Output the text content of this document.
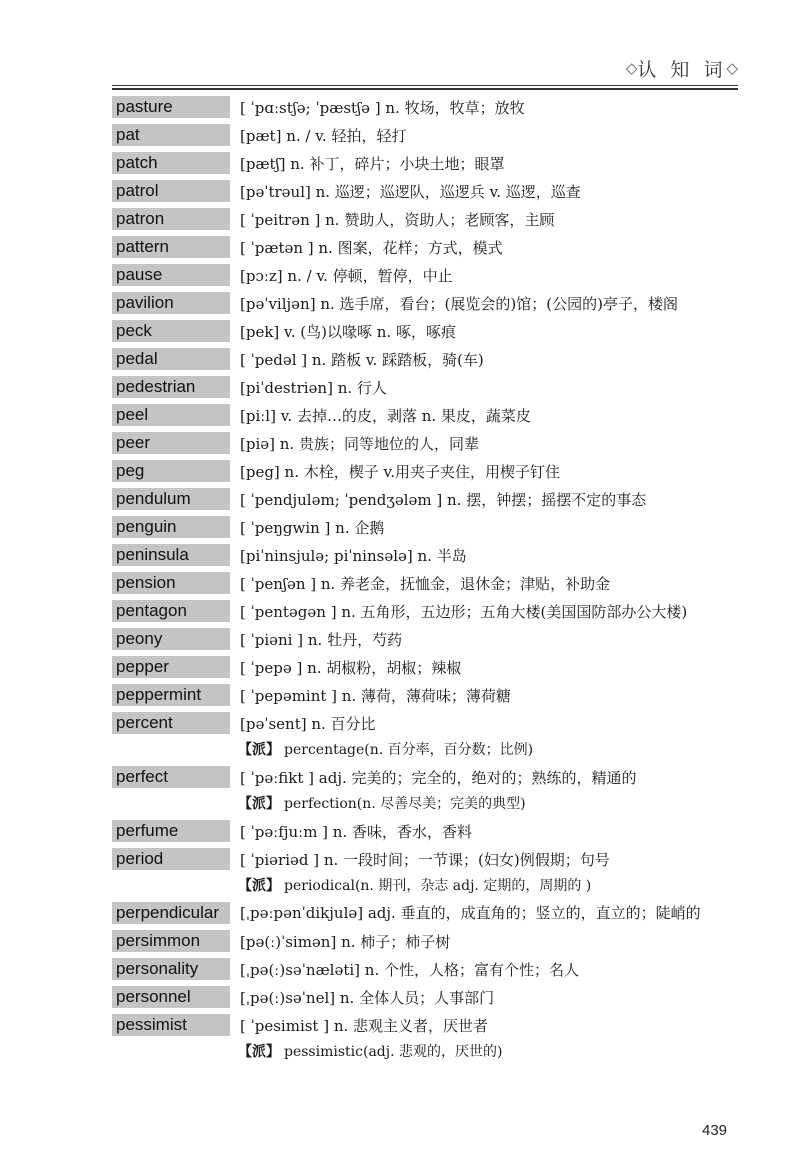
◇ 认 知 词 ◇
pasture	[ ˈpɑːstʃə; ˈpæstʃə ] n. 牧场，牧草；放牧
pat	[pæt] n. / v. 轻拍，轻打
patch	[pætʃ] n. 补丁，碎片；小块土地；眼罩
patrol	[pəˈtrəul] n. 巡逻；巡逻队，巡逻兵 v. 巡逻，巡查
patron	[ ˈpeitrən ] n. 赞助人，资助人；老顾客，主顾
pattern	[ ˈpætən ] n. 图案，花样；方式，模式
pause	[pɔːz] n. / v. 停顿，暂停，中止
pavilion	[pəˈviljən] n. 选手席，看台；(展览会的)馆；(公园的)亭子，楼阁
peck	[pek] v. (鸟)以喙啄 n. 啄，啄痕
pedal	[ ˈpedəl ] n. 踏板 v. 踩踏板，骑(车)
pedestrian	[piˈdestriən] n. 行人
peel	[piːl] v. 去掉…的皮，剥落 n. 果皮，蔬菜皮
peer	[piə] n. 贵族；同等地位的人，同辈
peg	[peg] n. 木栓，楔子 v.用夹子夹住，用楔子钉住
pendulum	[ ˈpendjuləm; ˈpendʒələm ] n. 摆，钟摆；摇摆不定的事态
penguin	[ ˈpeŋgwin ] n. 企鹅
peninsula	[piˈninsjulə; piˈninsələ] n. 半岛
pension	[ ˈpenʃən ] n. 养老金，抚恤金，退休金；津贴，补助金
pentagon	[ ˈpentəgən ] n. 五角形，五边形；五角大楼(美国国防部办公大楼)
peony	[ ˈpiəni ] n. 牡丹，芍药
pepper	[ ˈpepə ] n. 胡椒粉，胡椒；辣椒
peppermint	[ ˈpepəmint ] n. 薄荷，薄荷味；薄荷糖
percent	[pəˈsent] n. 百分比
【派】 percentage(n. 百分率，百分数；比例)
perfect	[ ˈpəːfikt ] adj. 完美的；完全的，绝对的；熟练的，精通的
【派】 perfection(n. 尽善尽美；完美的典型)
perfume	[ ˈpəːfjuːm ] n. 香味，香水，香料
period	[ ˈpiəriəd ] n. 一段时间；一节课；(妇女)例假期；句号
【派】 periodical(n. 期刊，杂志 adj. 定期的，周期的 )
perpendicular	[ˌpəːpənˈdikjulə] adj. 垂直的，成直角的；竖立的，直立的；陡峭的
persimmon	[pə(ː)ˈsimən] n. 柿子；柿子树
personality	[ˌpə(ː)səˈnæləti] n. 个性，人格；富有个性；名人
personnel	[ˌpə(ː)səˈnel] n. 全体人员；人事部门
pessimist	[ ˈpesimist ] n. 悲观主义者，厌世者
【派】 pessimistic(adj. 悲观的，厌世的)
439
